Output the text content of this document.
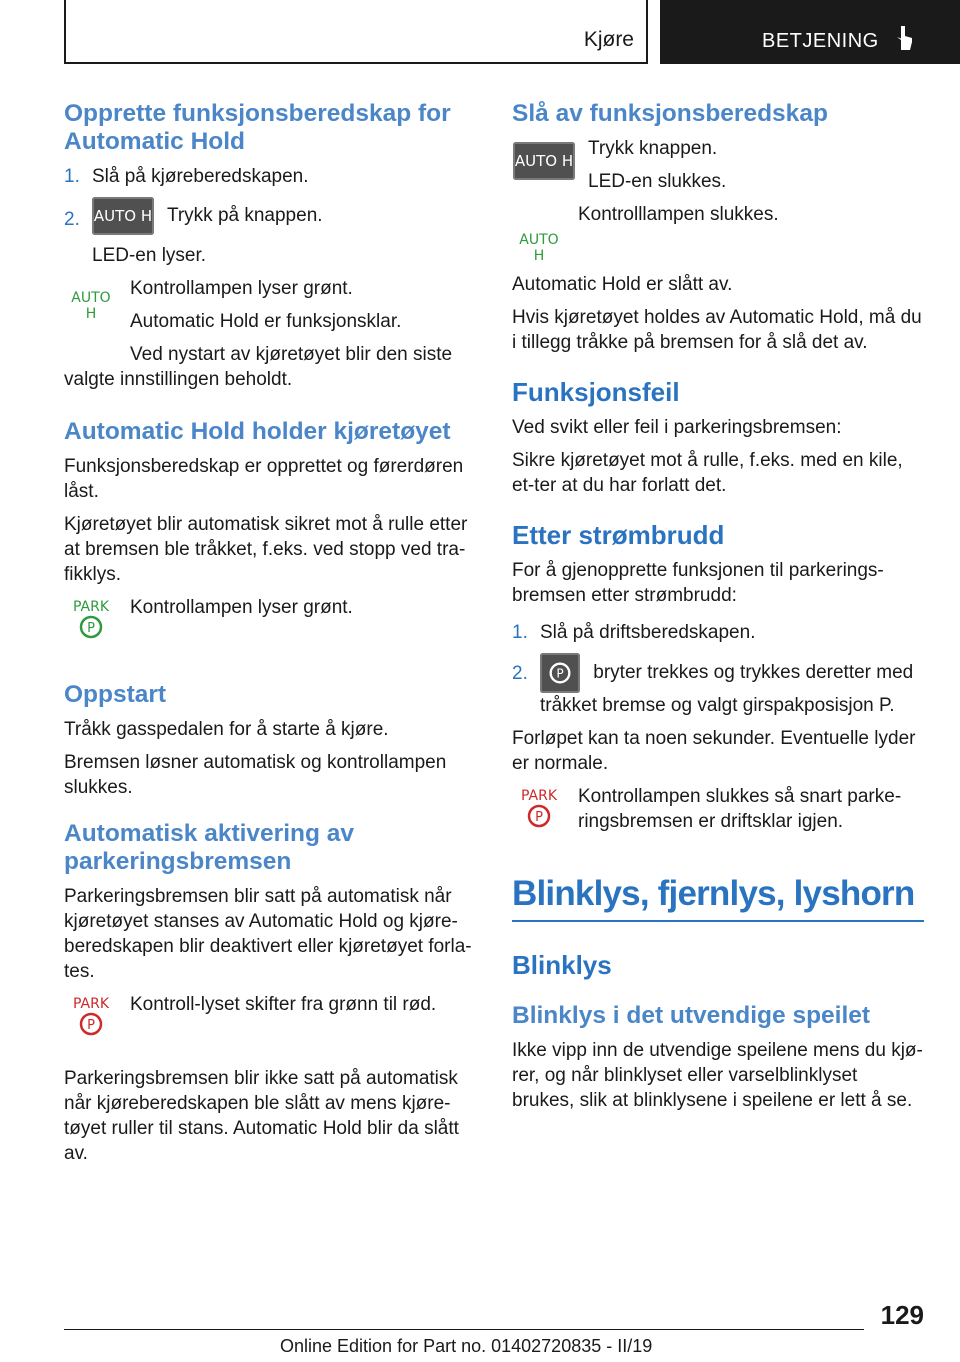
Kjøre	BETJENING
Opprette funksjonsberedskap for Automatic Hold
1. Slå på kjøreberedskapen.
2. AUTO H Trykk på knappen.

LED-en lyser.

AUTO H

Kontrollampen lyser grønt.

Automatic Hold er funksjonsklar.

Ved nystart av kjøretøyet blir den siste

valgte innstillingen beholdt.

Automatic Hold holder kjøretøyet

Funksjonsberedskap er opprettet og førerdøren låst.

Kjøretøyet blir automatisk sikret mot å rulle etter at bremsen ble tråkket, f.eks. ved stopp ved tra-fikklys.

PARK
P

Kontrollampen lyser grønt.

Oppstart

Tråkk gasspedalen for å starte å kjøre.

Bremsen løsner automatisk og kontrollampen slukkes.

Automatisk aktivering av parkeringsbremsen

Parkeringsbremsen blir satt på automatisk når kjøretøyet stanses av Automatic Hold og kjøre-beredskapen blir deaktivert eller kjøretøyet forla-tes.

PARK
P

Kontroll-lyset skifter fra grønn til rød.

Parkeringsbremsen blir ikke satt på automatisk når kjøreberedskapen ble slått av mens kjøre-tøyet ruller til stans. Automatic Hold blir da slått av.

Slå av funksjonsberedskap
AUTO H

Trykk knappen.

LED-en slukkes.

AUTO H

Kontrolllampen slukkes.

Automatic Hold er slått av.

Hvis kjøretøyet holdes av Automatic Hold, må du i tillegg tråkke på bremsen for å slå det av.

Funksjonsfeil

Ved svikt eller feil i parkeringsbremsen:

Sikre kjøretøyet mot å rulle, f.eks. med en kile, et-ter at du har forlatt det.

Etter strømbrudd

For å gjenopprette funksjonen til parkerings-bremsen etter strømbrudd:

1. Slå på driftsberedskapen.
2. P bryter trekkes og trykkes deretter med tråkket bremse og valgt girspakposisjon P.

Forløpet kan ta noen sekunder. Eventuelle lyder er normale.

PARK
P

Kontrollampen slukkes så snart parke-ringsbremsen er driftsklar igjen.

Blinklys, fjernlys, lyshorn
Blinklys
Blinklys i det utvendige speilet

Ikke vipp inn de utvendige speilene mens du kjø-rer, og når blinklyset eller varselblinklyset brukes, slik at blinklysene i speilene er lett å se.

129
Online Edition for Part no. 01402720835 - II/19
